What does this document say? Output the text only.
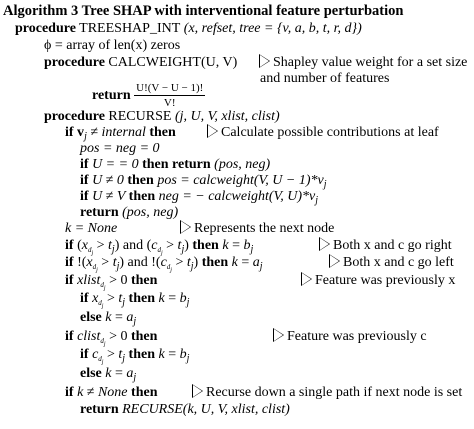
Algorithm 3 Tree SHAP with interventional feature perturbation
procedure TREESHAP_INT (x, refset, tree = {v, a, b, t, r, d})
ϕ = array of len(x) zeros
procedure CALCWEIGHT(U, V)	Shapley value weight for a set size
and number of features
return $\frac{U!(V - U - 1)!}{V!}$
procedure RECURSE (j, U, V, xlist, clist)
if $v_j$ ≠ internal then	Calculate possible contributions at leaf
pos = neg = 0
if U = = 0 then return (pos, neg)
if U ≠ 0 then pos = calcweight(V, $U - 1)*v_j$
if U ≠ V then neg = − calcweight(V, $U)*v_j$
return (pos, neg)
k = None	Represents the next node
if $(x_{d_j} > t_j)$ and $(c_{d_j} > t_j)$ then $k = b_j$	Both x and c go right
if $!(x_{d_j} > t_j)$ and $!(c_{d_j} > t_j)$ then $k = a_j$	Both x and c go left
if xlist$_{d_j}$ > 0 then	Feature was previously x
if $x_{d_j} > t_j$ then $k = b_j$
else $k = a_j$
if clist$_{d_j}$ > 0 then	Feature was previously c
if $c_{d_j} > t_j$ then $k = b_j$
else $k = a_j$
if k ≠ None then	Recurse down a single path if next node is set
return RECURSE(k, U, V, xlist, clist)
